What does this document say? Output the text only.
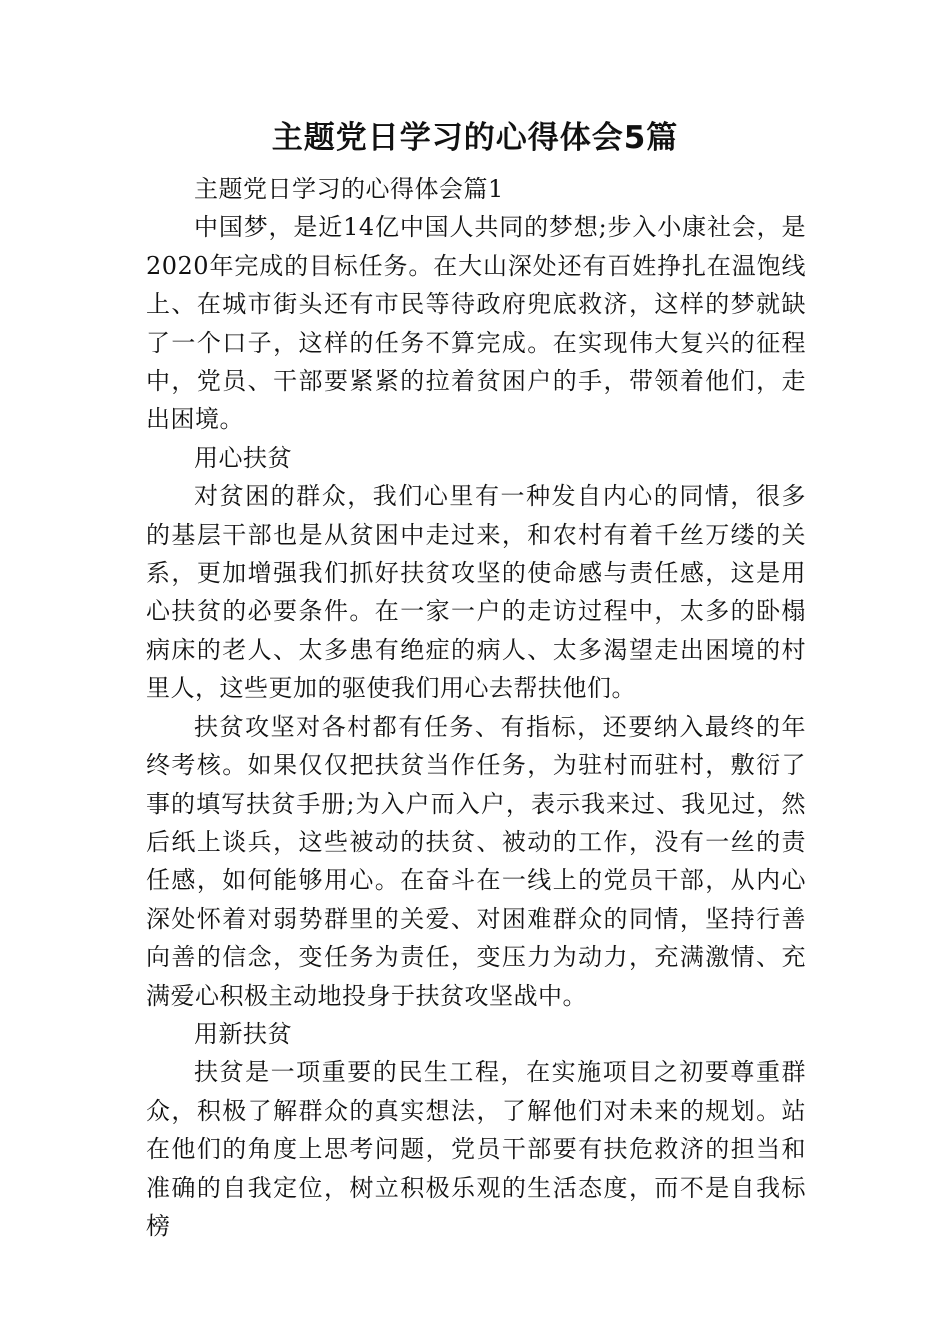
主题党日学习的心得体会5篇

主题党日学习的心得体会篇1

中国梦，是近14亿中国人共同的梦想;步入小康社会，是2020年完成的目标任务。在大山深处还有百姓挣扎在温饱线上、在城市街头还有市民等待政府兜底救济，这样的梦就缺了一个口子，这样的任务不算完成。在实现伟大复兴的征程中，党员、干部要紧紧的拉着贫困户的手，带领着他们，走出困境。

用心扶贫

对贫困的群众，我们心里有一种发自内心的同情，很多的基层干部也是从贫困中走过来，和农村有着千丝万缕的关系，更加增强我们抓好扶贫攻坚的使命感与责任感，这是用心扶贫的必要条件。在一家一户的走访过程中，太多的卧榻病床的老人、太多患有绝症的病人、太多渴望走出困境的村里人，这些更加的驱使我们用心去帮扶他们。

扶贫攻坚对各村都有任务、有指标，还要纳入最终的年终考核。如果仅仅把扶贫当作任务，为驻村而驻村，敷衍了事的填写扶贫手册;为入户而入户，表示我来过、我见过，然后纸上谈兵，这些被动的扶贫、被动的工作，没有一丝的责任感，如何能够用心。在奋斗在一线上的党员干部，从内心深处怀着对弱势群里的关爱、对困难群众的同情，坚持行善向善的信念，变任务为责任，变压力为动力，充满激情、充满爱心积极主动地投身于扶贫攻坚战中。

用新扶贫

扶贫是一项重要的民生工程，在实施项目之初要尊重群众，积极了解群众的真实想法，了解他们对未来的规划。站在他们的角度上思考问题，党员干部要有扶危救济的担当和准确的自我定位，树立积极乐观的生活态度，而不是自我标榜
